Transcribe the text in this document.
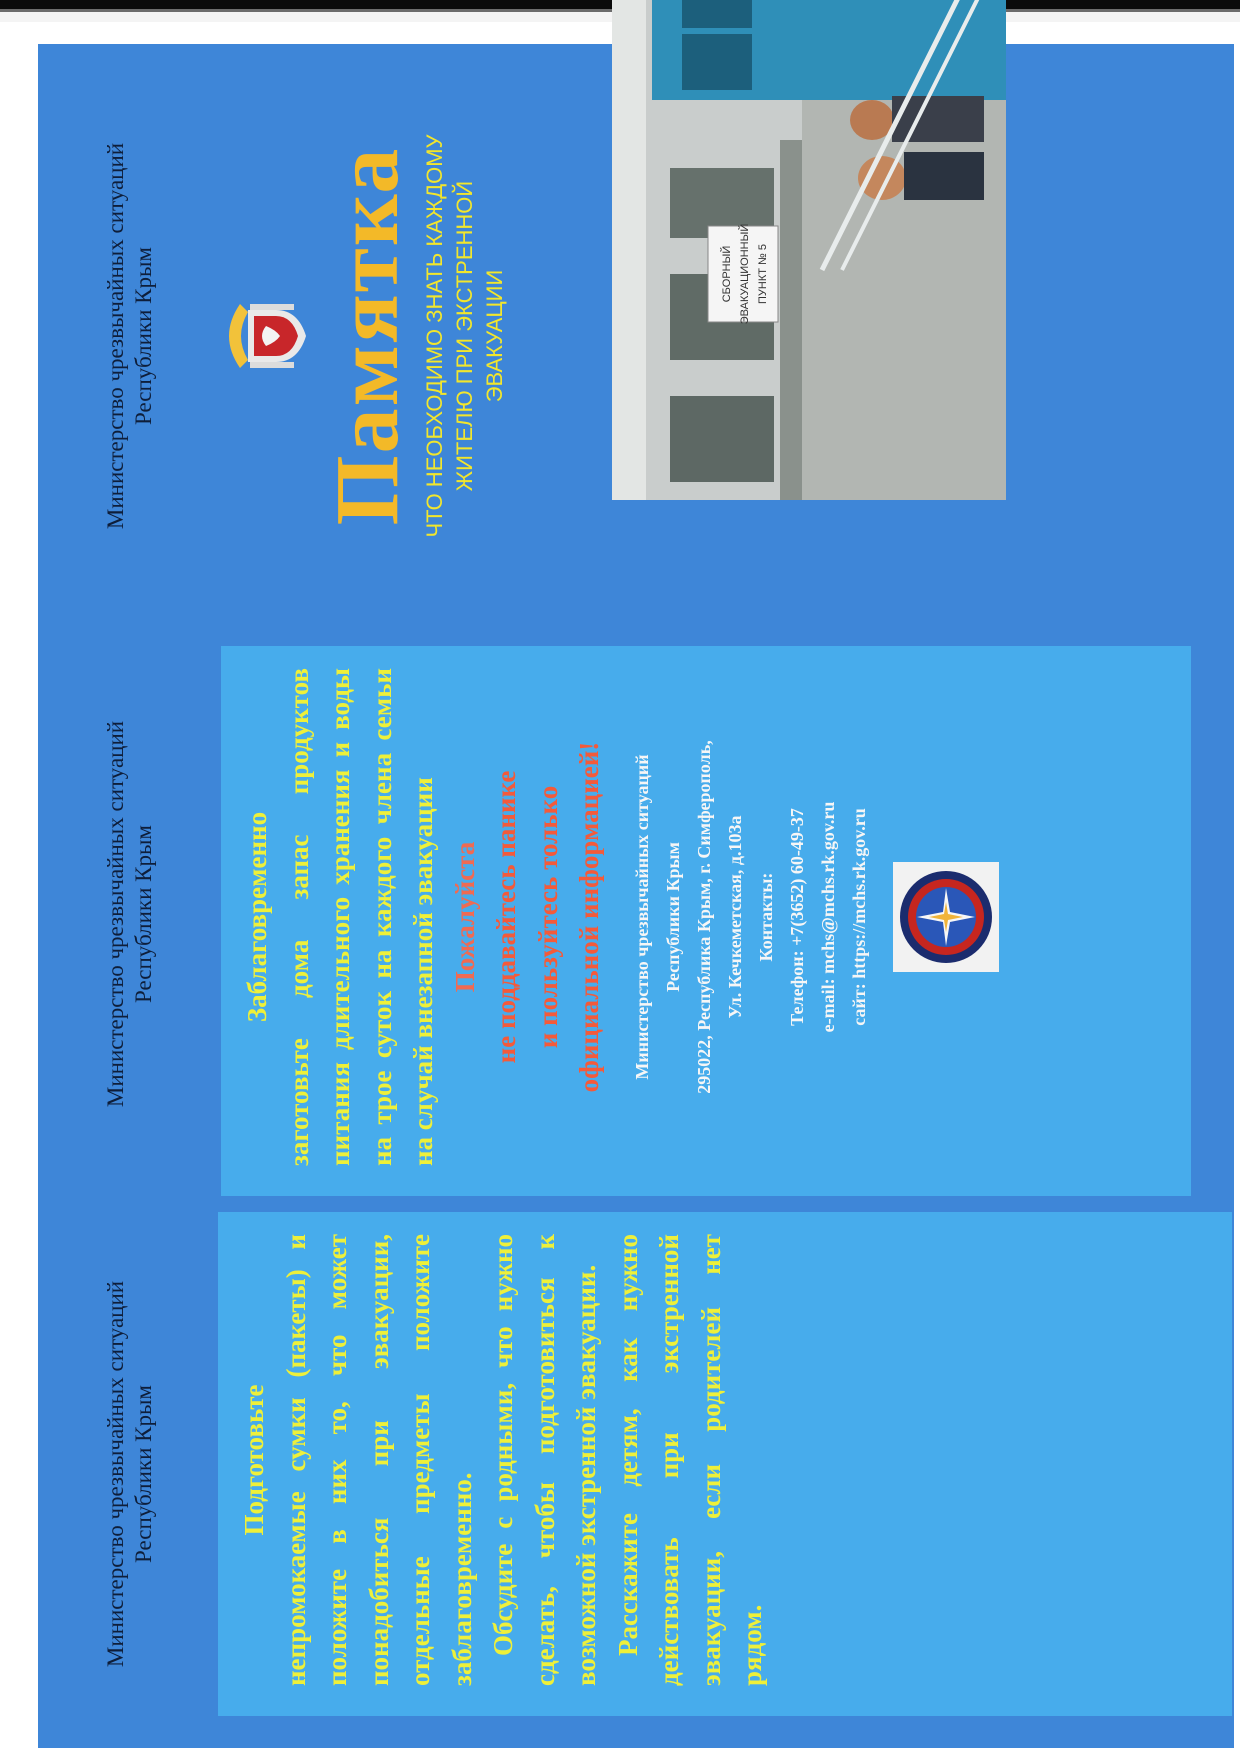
Министерство чрезвычайных ситуаций Республики Крым	Подготовьте непромокаемые сумки (пакеты) и положите в них то, что может понадобиться при эвакуации, отдельные предметы положите заблаговременно. Обсудите с родными, что нужно сделать, чтобы подготовиться к возможной экстренной эвакуации. Расскажите детям, как нужно действовать при экстренной эвакуации, если родителей нет рядом.

Министерство чрезвычайных ситуаций Республики Крым	Заблаговременно заготовьте дома запас продуктов питания длительного хранения и воды на трое суток на каждого члена семьи на случай внезапной эвакуации Пожалуйста не поддавайтесь панике и пользуйтесь только официальной информацией!	Министерство чрезвычайных ситуаций Республики Крым 295022, Республика Крым, г. Симферополь, Ул. Кечкеметская, д.103а Контакты: Телефон: +7(3652) 60-49-37 e-mail: mchs@mchs.rk.gov.ru сайт: https://mchs.rk.gov.ru
Министерство чрезвычайных ситуаций Республики Крым Памятка ЧТО НЕОБХОДИМО ЗНАТЬ КАЖДОМУ ЖИТЕЛЮ ПРИ ЭКСТРЕННОЙ ЭВАКУАЦИИ	СБОРНЫЙ ЭВАКУАЦИОННЫЙ ПУНКТ № 5
